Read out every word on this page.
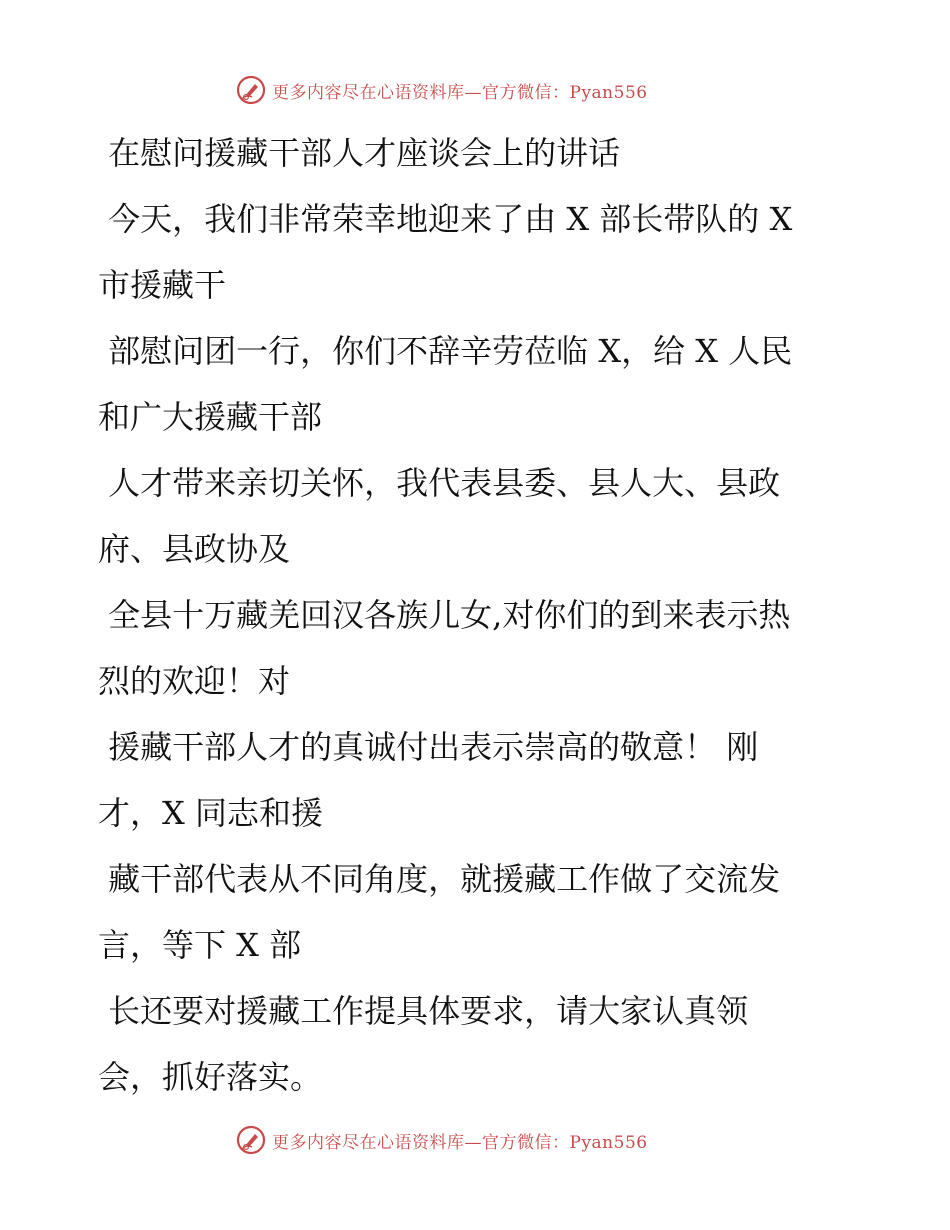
更多内容尽在心语资料库—官方微信：Pyan556
在慰问援藏干部人才座谈会上的讲话
今天，我们非常荣幸地迎来了由 X 部长带队的 X
市援藏干
部慰问团一行，你们不辞辛劳莅临 X，给 X 人民
和广大援藏干部
人才带来亲切关怀，我代表县委、县人大、县政
府、县政协及
全县十万藏羌回汉各族儿女,对你们的到来表示热
烈的欢迎！对
援藏干部人才的真诚付出表示崇高的敬意！ 刚
才，X 同志和援
藏干部代表从不同角度，就援藏工作做了交流发
言，等下 X 部
长还要对援藏工作提具体要求，请大家认真领
会，抓好落实。
更多内容尽在心语资料库—官方微信：Pyan556
